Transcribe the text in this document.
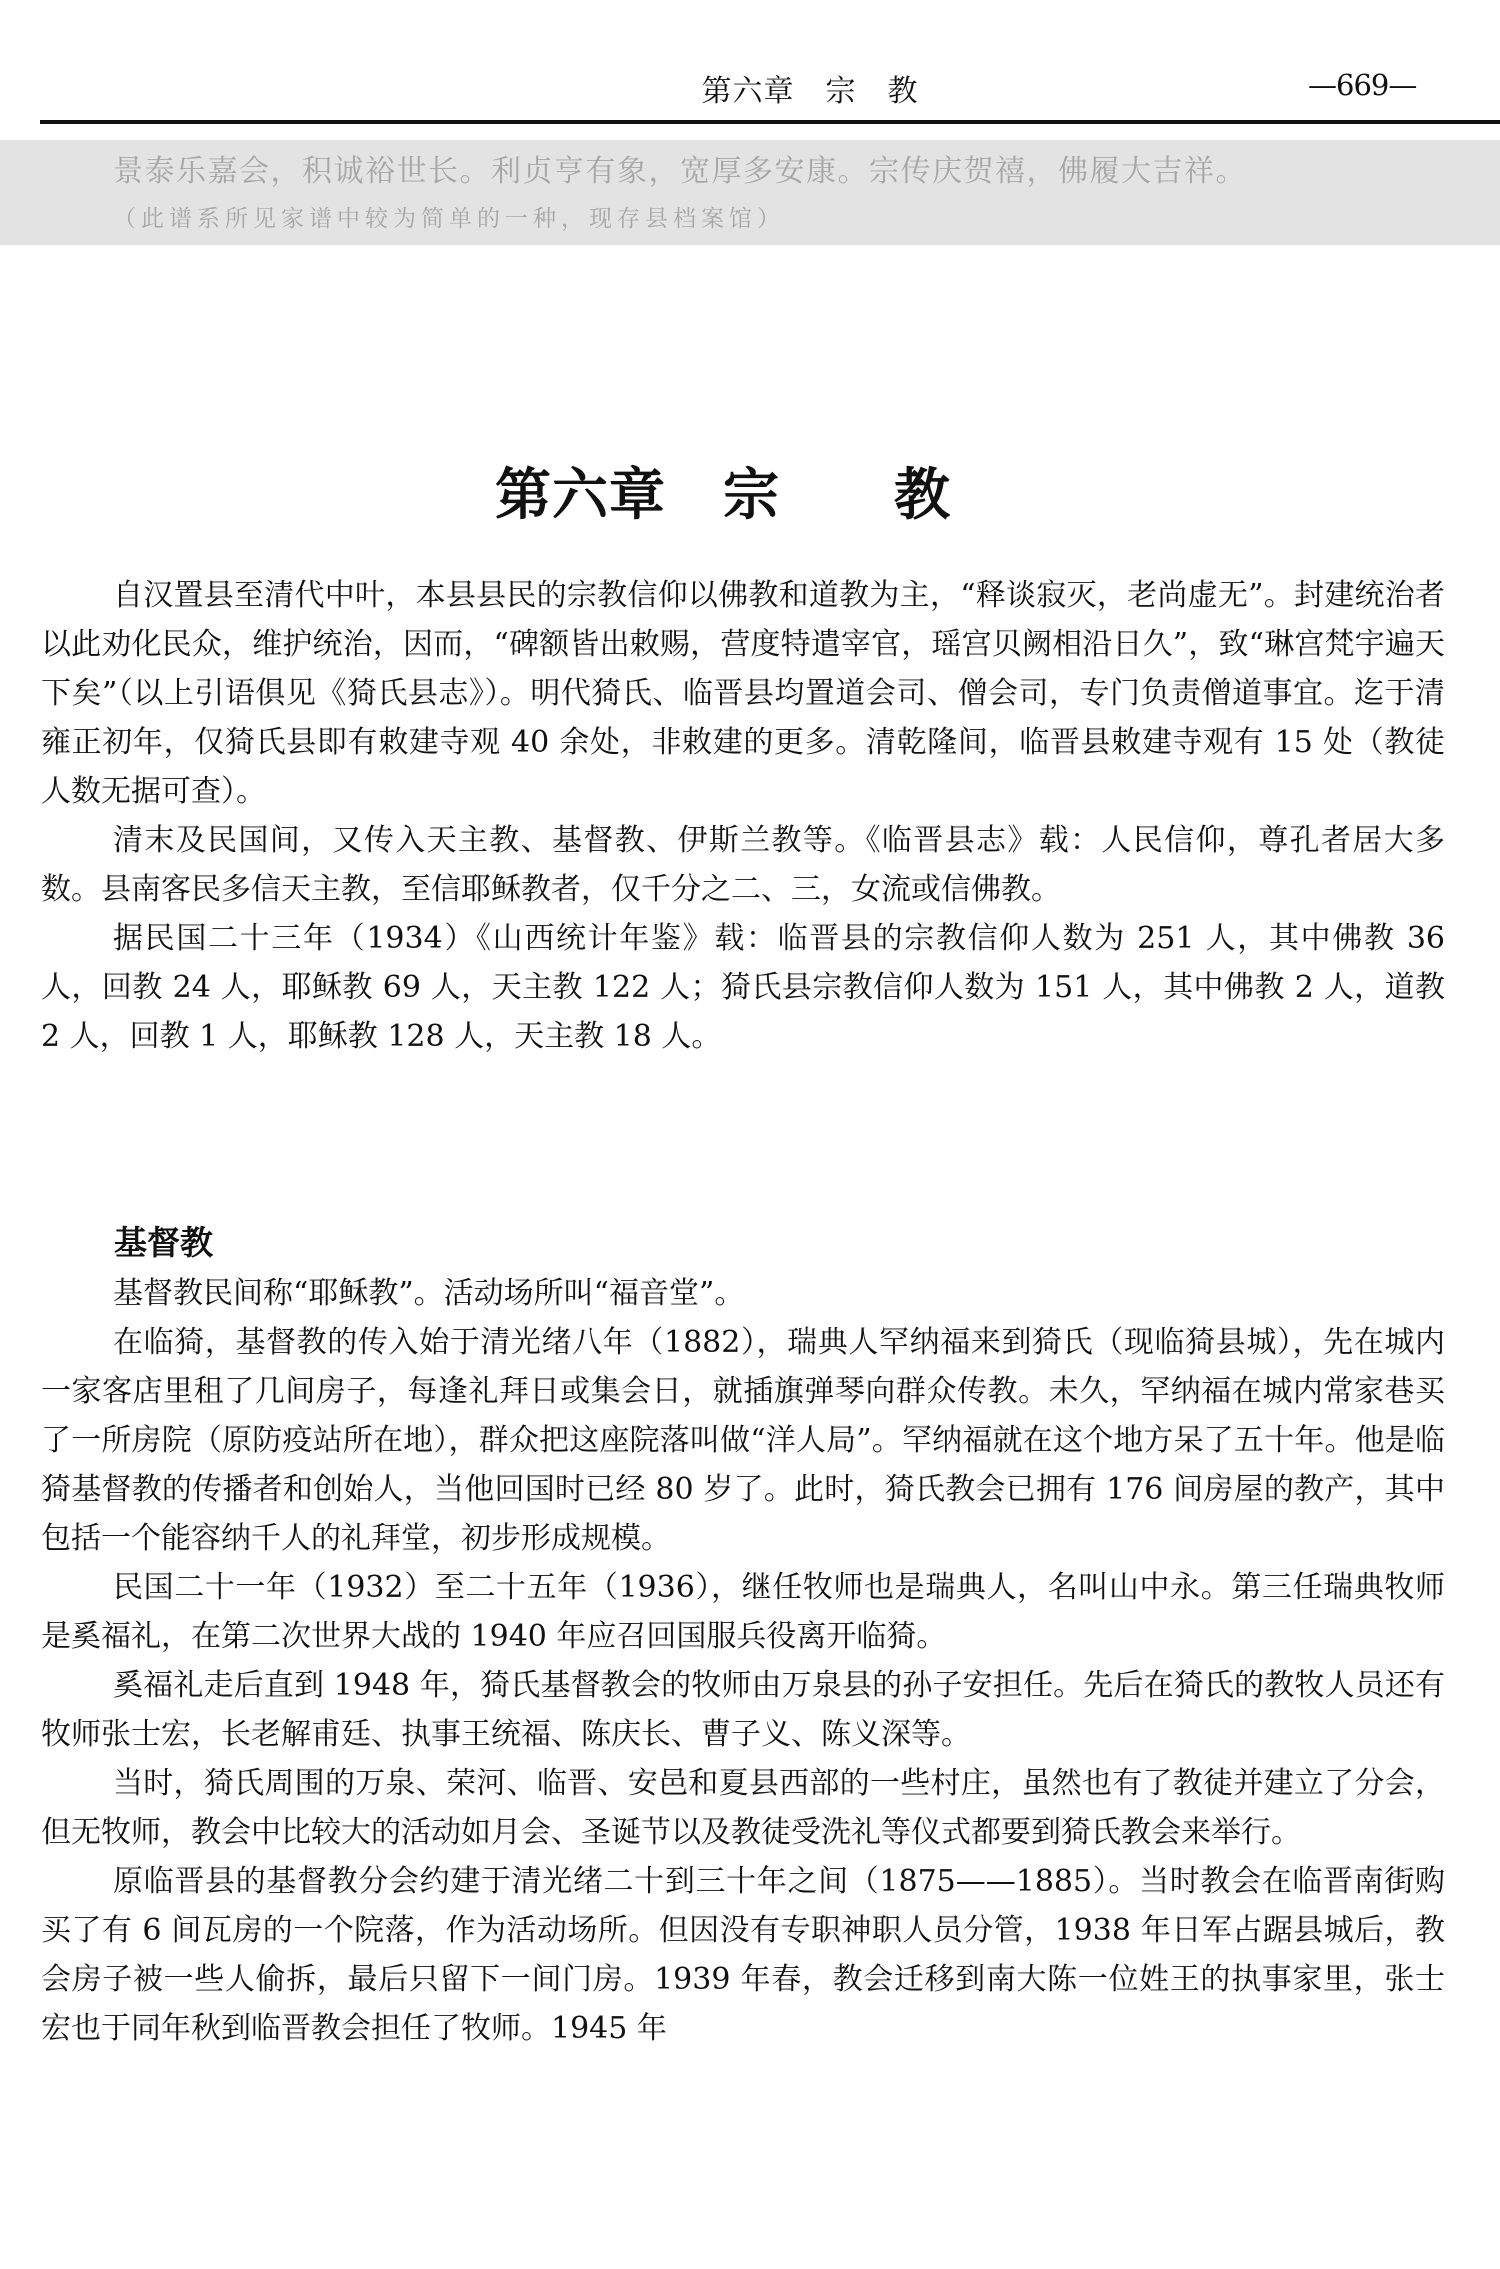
第六章　宗　教	—669—
景泰乐嘉会，积诚裕世长。利贞亨有象，宽厚多安康。宗传庆贺禧，佛履大吉祥。
（此谱系所见家谱中较为简单的一种，现存县档案馆）
第六章　宗　　教

自汉置县至清代中叶，本县县民的宗教信仰以佛教和道教为主，“释谈寂灭，老尚虚无”。封建统治者以此劝化民众，维护统治，因而，“碑额皆出敕赐，营度特遣宰官，瑶宫贝阙相沿日久”，致“琳宫梵宇遍天下矣”（以上引语俱见《猗氏县志》）。明代猗氏、临晋县均置道会司、僧会司，专门负责僧道事宜。迄于清雍正初年，仅猗氏县即有敕建寺观 40 余处，非敕建的更多。清乾隆间，临晋县敕建寺观有 15 处（教徒人数无据可查）。

清末及民国间，又传入天主教、基督教、伊斯兰教等。《临晋县志》载：人民信仰，尊孔者居大多数。县南客民多信天主教，至信耶稣教者，仅千分之二、三，女流或信佛教。

据民国二十三年（1934）《山西统计年鉴》载：临晋县的宗教信仰人数为 251 人，其中佛教 36 人，回教 24 人，耶稣教 69 人，天主教 122 人；猗氏县宗教信仰人数为 151 人，其中佛教 2 人，道教 2 人，回教 1 人，耶稣教 128 人，天主教 18 人。

基督教

基督教民间称“耶稣教”。活动场所叫“福音堂”。

在临猗，基督教的传入始于清光绪八年（1882），瑞典人罕纳福来到猗氏（现临猗县城），先在城内一家客店里租了几间房子，每逢礼拜日或集会日，就插旗弹琴向群众传教。未久，罕纳福在城内常家巷买了一所房院（原防疫站所在地），群众把这座院落叫做“洋人局”。罕纳福就在这个地方呆了五十年。他是临猗基督教的传播者和创始人，当他回国时已经 80 岁了。此时，猗氏教会已拥有 176 间房屋的教产，其中包括一个能容纳千人的礼拜堂，初步形成规模。

民国二十一年（1932）至二十五年（1936），继任牧师也是瑞典人，名叫山中永。第三任瑞典牧师是奚福礼，在第二次世界大战的 1940 年应召回国服兵役离开临猗。

奚福礼走后直到 1948 年，猗氏基督教会的牧师由万泉县的孙子安担任。先后在猗氏的教牧人员还有牧师张士宏，长老解甫廷、执事王统福、陈庆长、曹子义、陈义深等。

当时，猗氏周围的万泉、荣河、临晋、安邑和夏县西部的一些村庄，虽然也有了教徒并建立了分会，但无牧师，教会中比较大的活动如月会、圣诞节以及教徒受洗礼等仪式都要到猗氏教会来举行。

原临晋县的基督教分会约建于清光绪二十到三十年之间（1875——1885）。当时教会在临晋南街购买了有 6 间瓦房的一个院落，作为活动场所。但因没有专职神职人员分管，1938 年日军占踞县城后，教会房子被一些人偷拆，最后只留下一间门房。1939 年春，教会迁移到南大陈一位姓王的执事家里，张士宏也于同年秋到临晋教会担任了牧师。1945 年
